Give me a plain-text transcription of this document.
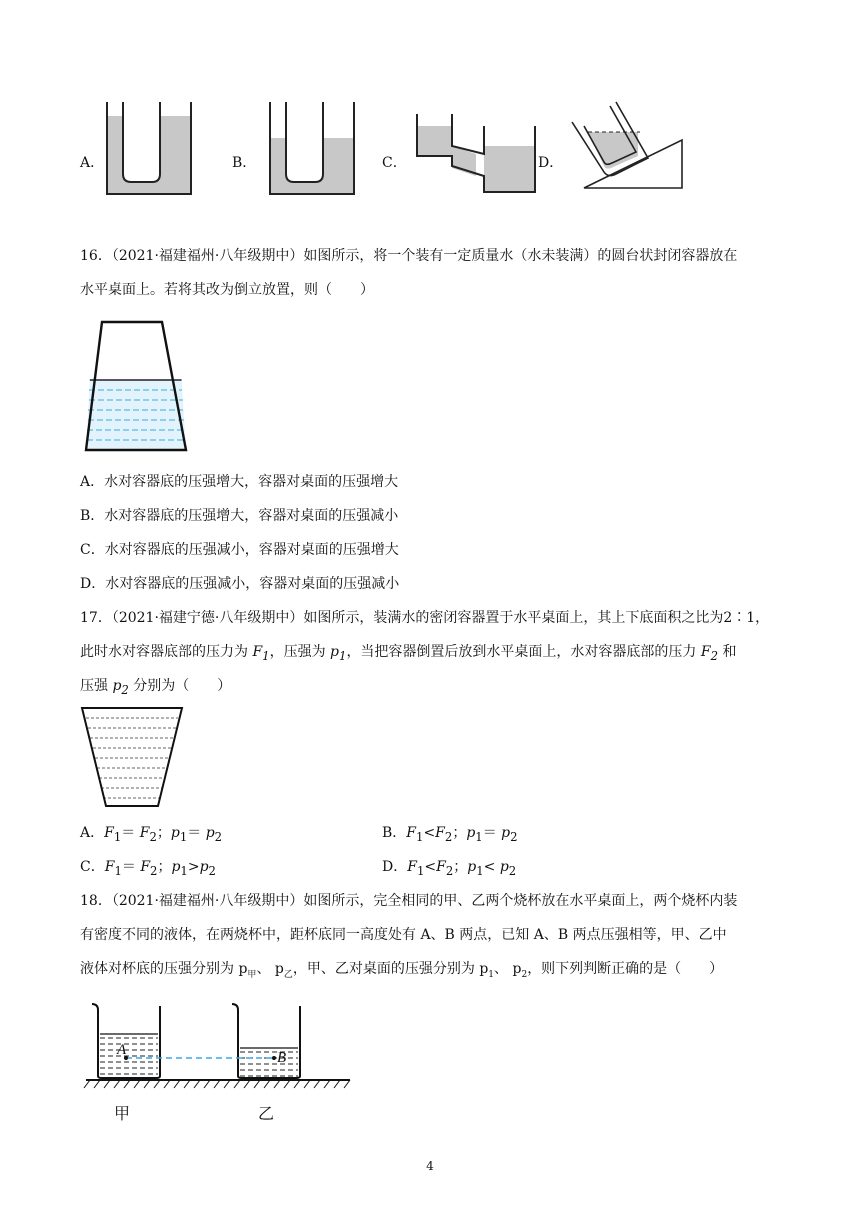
A．	B．	C．	D．
16．（2021·福建福州·八年级期中）如图所示，将一个装有一定质量水（水未装满）的圆台状封闭容器放在
水平桌面上。若将其改为倒立放置，则（　　）
A．水对容器底的压强增大，容器对桌面的压强增大
B．水对容器底的压强增大，容器对桌面的压强减小
C．水对容器底的压强减小，容器对桌面的压强增大
D．水对容器底的压强减小，容器对桌面的压强减小
17．（2021·福建宁德·八年级期中）如图所示，装满水的密闭容器置于水平桌面上，其上下底面积之比为2∶1，
此时水对容器底部的压力为 $F_1$，压强为 $p_1$，当把容器倒置后放到水平桌面上，水对容器底部的压力 $F_2$ 和
压强 $p_2$ 分别为（　　）
A．$F_1= F_2$；$p_1= p_2$	B．$F_1<F_2$；$p_1= p_2$
C．$F_1= F_2$；$p_1>p_2$	D．$F_1<F_2$；$p_1< p_2$
18．（2021·福建福州·八年级期中）如图所示，完全相同的甲、乙两个烧杯放在水平桌面上，两个烧杯内装
有密度不同的液体，在两烧杯中，距杯底同一高度处有 A、B 两点，已知 A、B 两点压强相等，甲、乙中
液体对杯底的压强分别为 $p_甲$、 $p_乙$，甲、乙对桌面的压强分别为 $p_1$、 $p_2$，则下列判断正确的是（　　）
A	B
甲	乙
4
